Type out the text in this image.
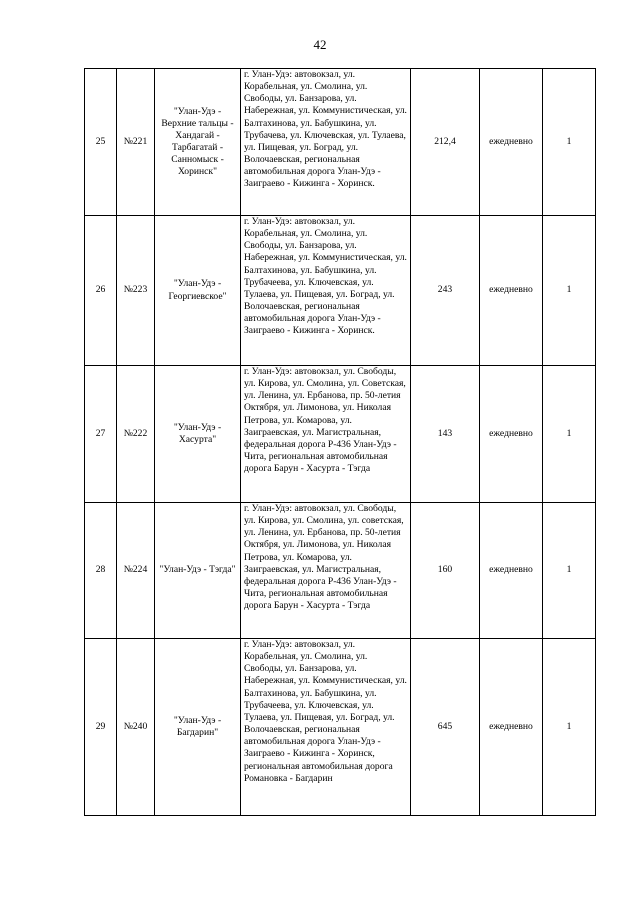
42
25	№221	"Улан-Удэ - Верхние тальцы - Хандагай - Тарбагатай - Санномыск - Хоринск"	г. Улан-Удэ: автовокзал, ул. Корабельная, ул. Смолина, ул. Свободы, ул. Банзарова, ул. Набережная, ул. Коммунистическая, ул. Балтахинова, ул. Бабушкина, ул. Трубачева, ул. Ключевская, ул. Тулаева, ул. Пищевая, ул. Боград, ул. Волочаевская, региональная автомобильная дорога Улан-Удэ - Заиграево - Кижинга - Хоринск.	212,4	ежедневно	1
26	№223	"Улан-Удэ - Георгиевское"	г. Улан-Удэ: автовокзал, ул. Корабельная, ул. Смолина, ул. Свободы, ул. Банзарова, ул. Набережная, ул. Коммунистическая, ул. Балтахинова, ул. Бабушкина, ул. Трубачеева, ул. Ключевская, ул. Тулаева, ул. Пищевая, ул. Боград, ул. Волочаевская, региональная автомобильная дорога Улан-Удэ - Заиграево - Кижинга - Хоринск.	243	ежедневно	1
27	№222	"Улан-Удэ - Хасурта"	г. Улан-Удэ: автовокзал, ул. Свободы, ул. Кирова, ул. Смолина, ул. Советская, ул. Ленина, ул. Ербанова, пр. 50-летия Октября, ул. Лимонова, ул. Николая Петрова, ул. Комарова, ул. Заиграевская, ул. Магистральная, федеральная дорога Р-436 Улан-Удэ - Чита, региональная автомобильная дорога Барун - Хасурта - Тэгда	143	ежедневно	1
28	№224	"Улан-Удэ - Тэгда"	г. Улан-Удэ: автовокзал, ул. Свободы, ул. Кирова, ул. Смолина, ул. советская, ул. Ленина, ул. Ербанова, пр. 50-летия Октября, ул. Лимонова, ул. Николая Петрова, ул. Комарова, ул. Заиграевская, ул. Магистральная, федеральная дорога Р-436 Улан-Удэ - Чита, региональная автомобильная дорога Барун - Хасурта - Тэгда	160	ежедневно	1
29	№240	"Улан-Удэ - Багдарин"	г. Улан-Удэ: автовокзал, ул. Корабельная, ул. Смолина, ул. Свободы, ул. Банзарова, ул. Набережная, ул. Коммунистическая, ул. Балтахинова, ул. Бабушкина, ул. Трубачеева, ул. Ключевская, ул. Тулаева, ул. Пищевая, ул. Боград, ул. Волочаевская, региональная автомобильная дорога Улан-Удэ - Заиграево - Кижинга - Хоринск, региональная автомобильная дорога Романовка - Багдарин	645	ежедневно	1
